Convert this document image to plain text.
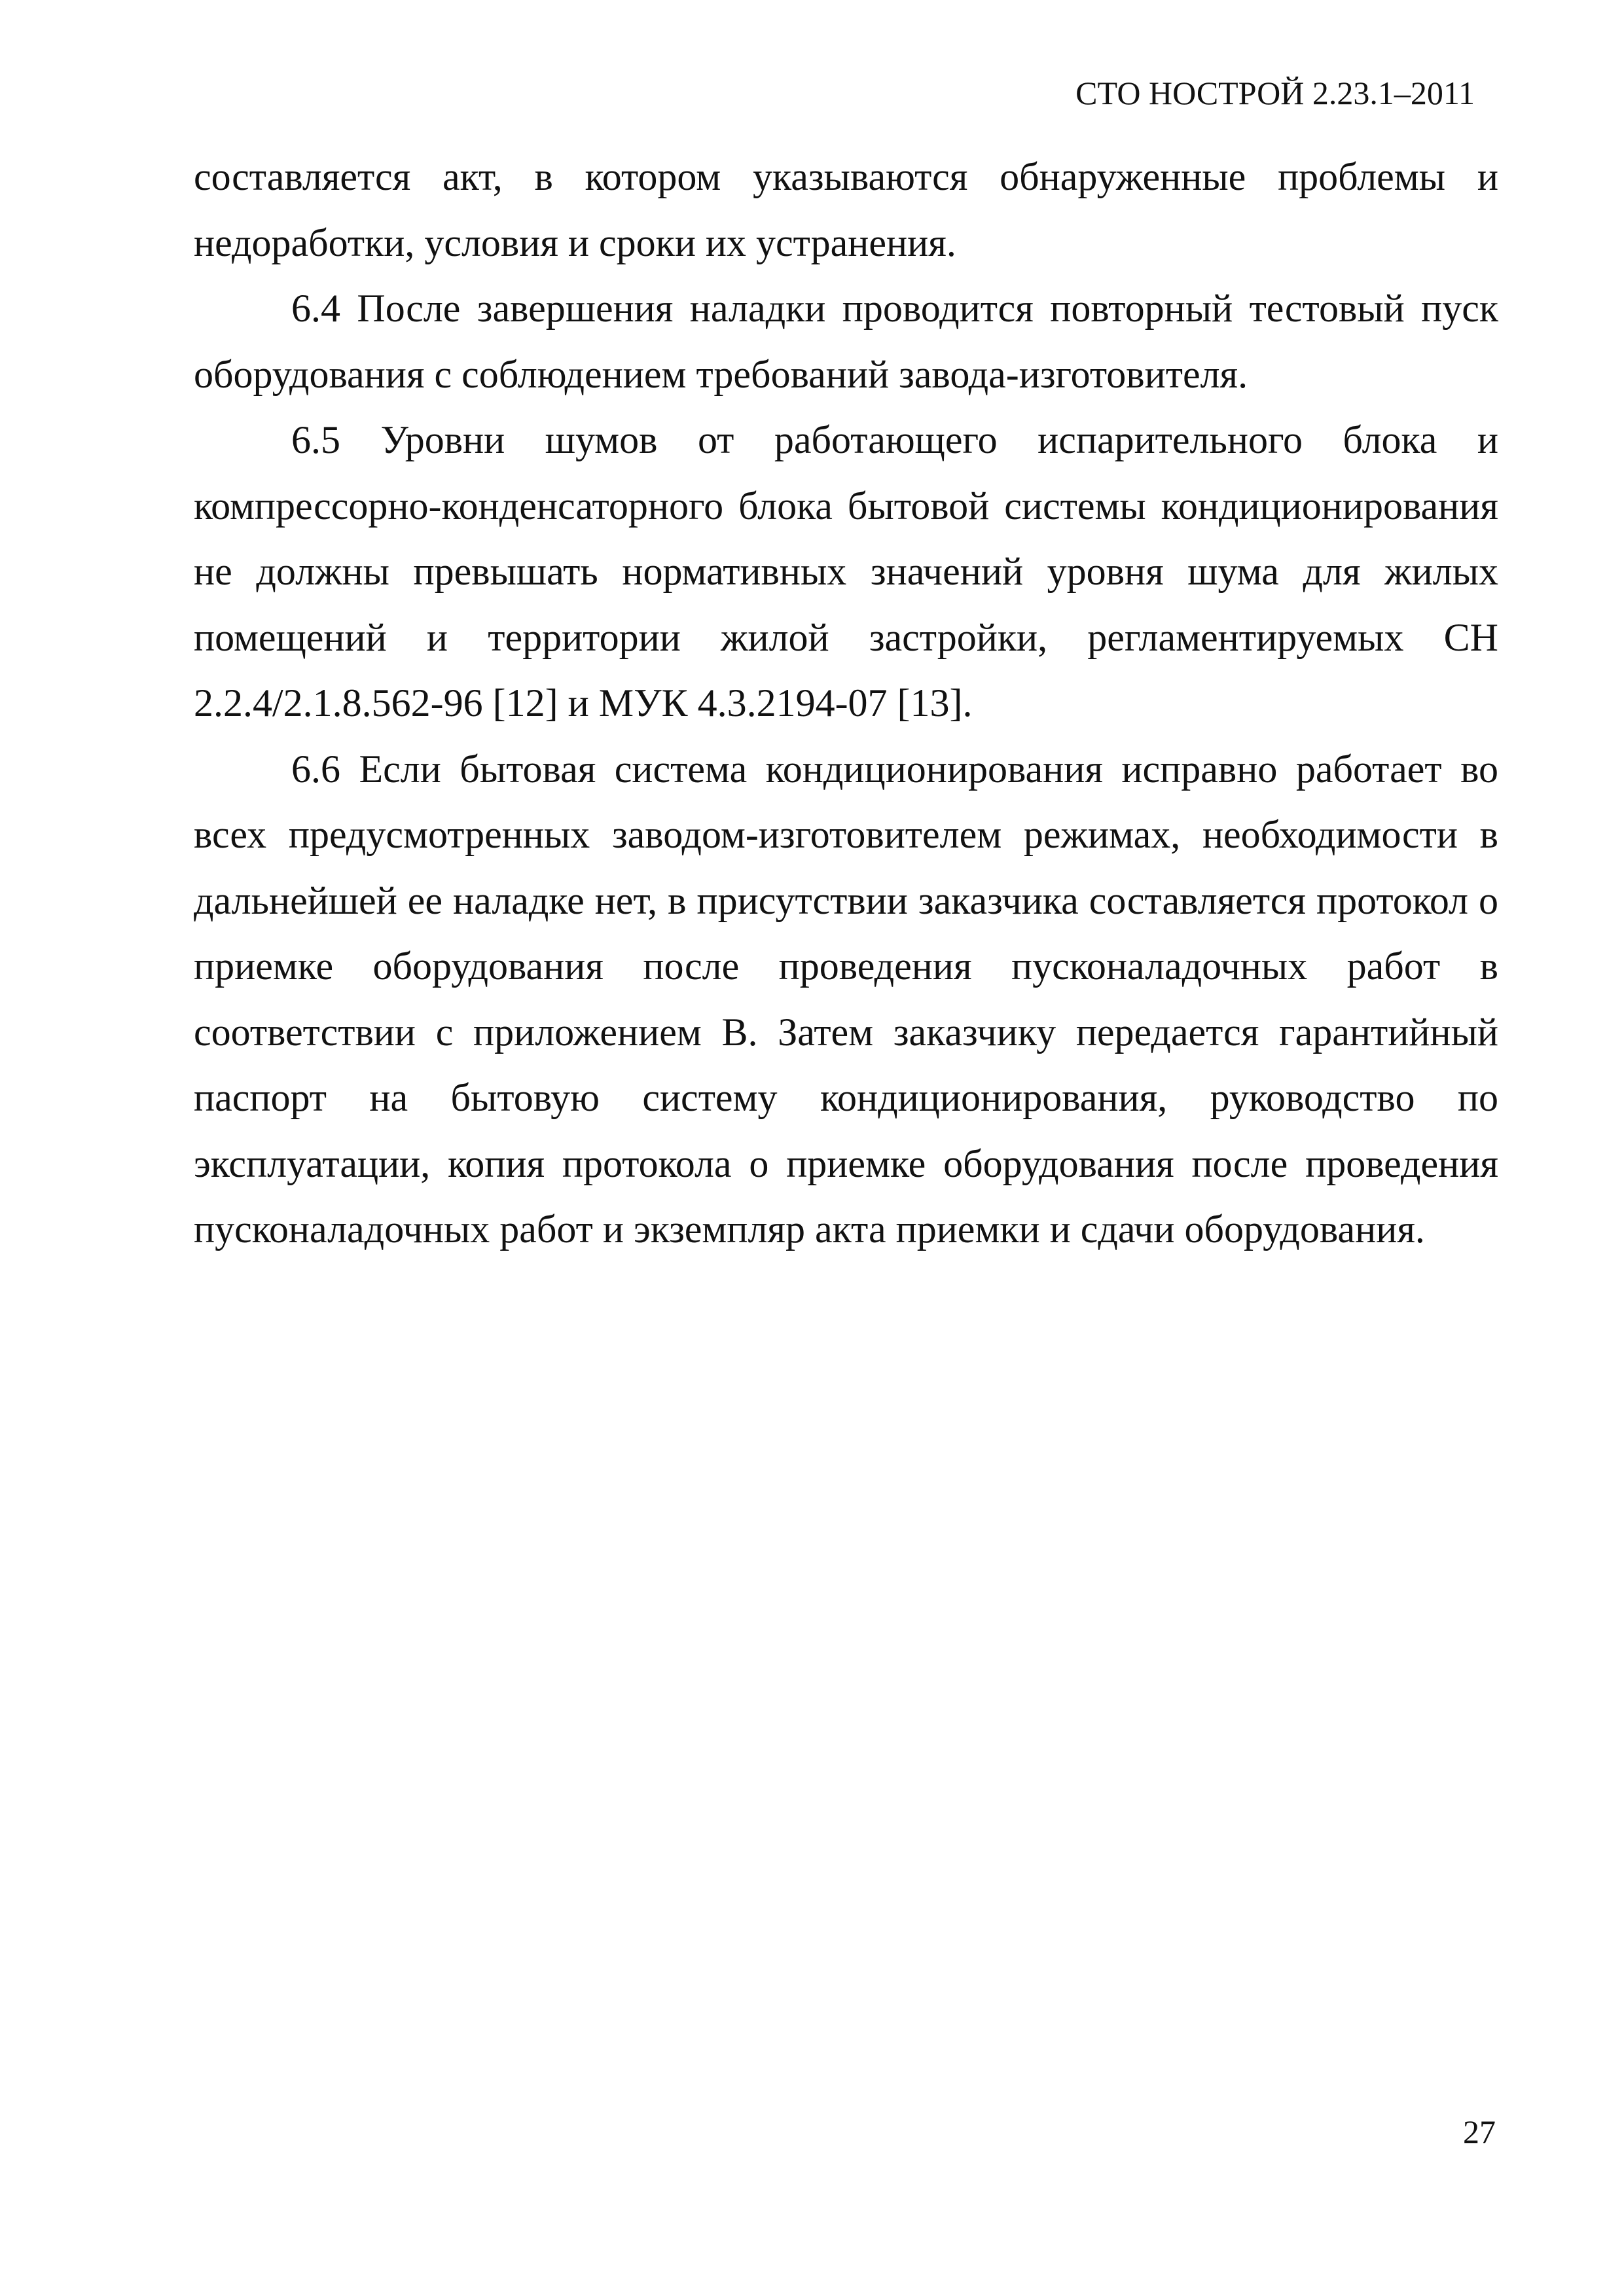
СТО НОСТРОЙ 2.23.1–2011

составляется акт, в котором указываются обнаруженные проблемы и недоработки, условия и сроки их устранения.

6.4 После завершения наладки проводится повторный тестовый пуск оборудования с соблюдением требований завода-изготовителя.

6.5 Уровни шумов от работающего испарительного блока и компрессорно-конденсаторного блока бытовой системы кондиционирования не должны превышать нормативных значений уровня шума для жилых помещений и территории жилой застройки, регламентируемых СН 2.2.4/2.1.8.562-96 [12] и МУК 4.3.2194-07 [13].

6.6 Если бытовая система кондиционирования исправно работает во всех предусмотренных заводом-изготовителем режимах, необходимости в дальнейшей ее наладке нет, в присутствии заказчика составляется протокол о приемке оборудования после проведения пусконаладочных работ в соответствии с приложением В. Затем заказчику передается гарантийный паспорт на бытовую систему кондиционирования, руководство по эксплуатации, копия протокола о приемке оборудования после проведения пусконаладочных работ и экземпляр акта приемки и сдачи оборудования.

27
